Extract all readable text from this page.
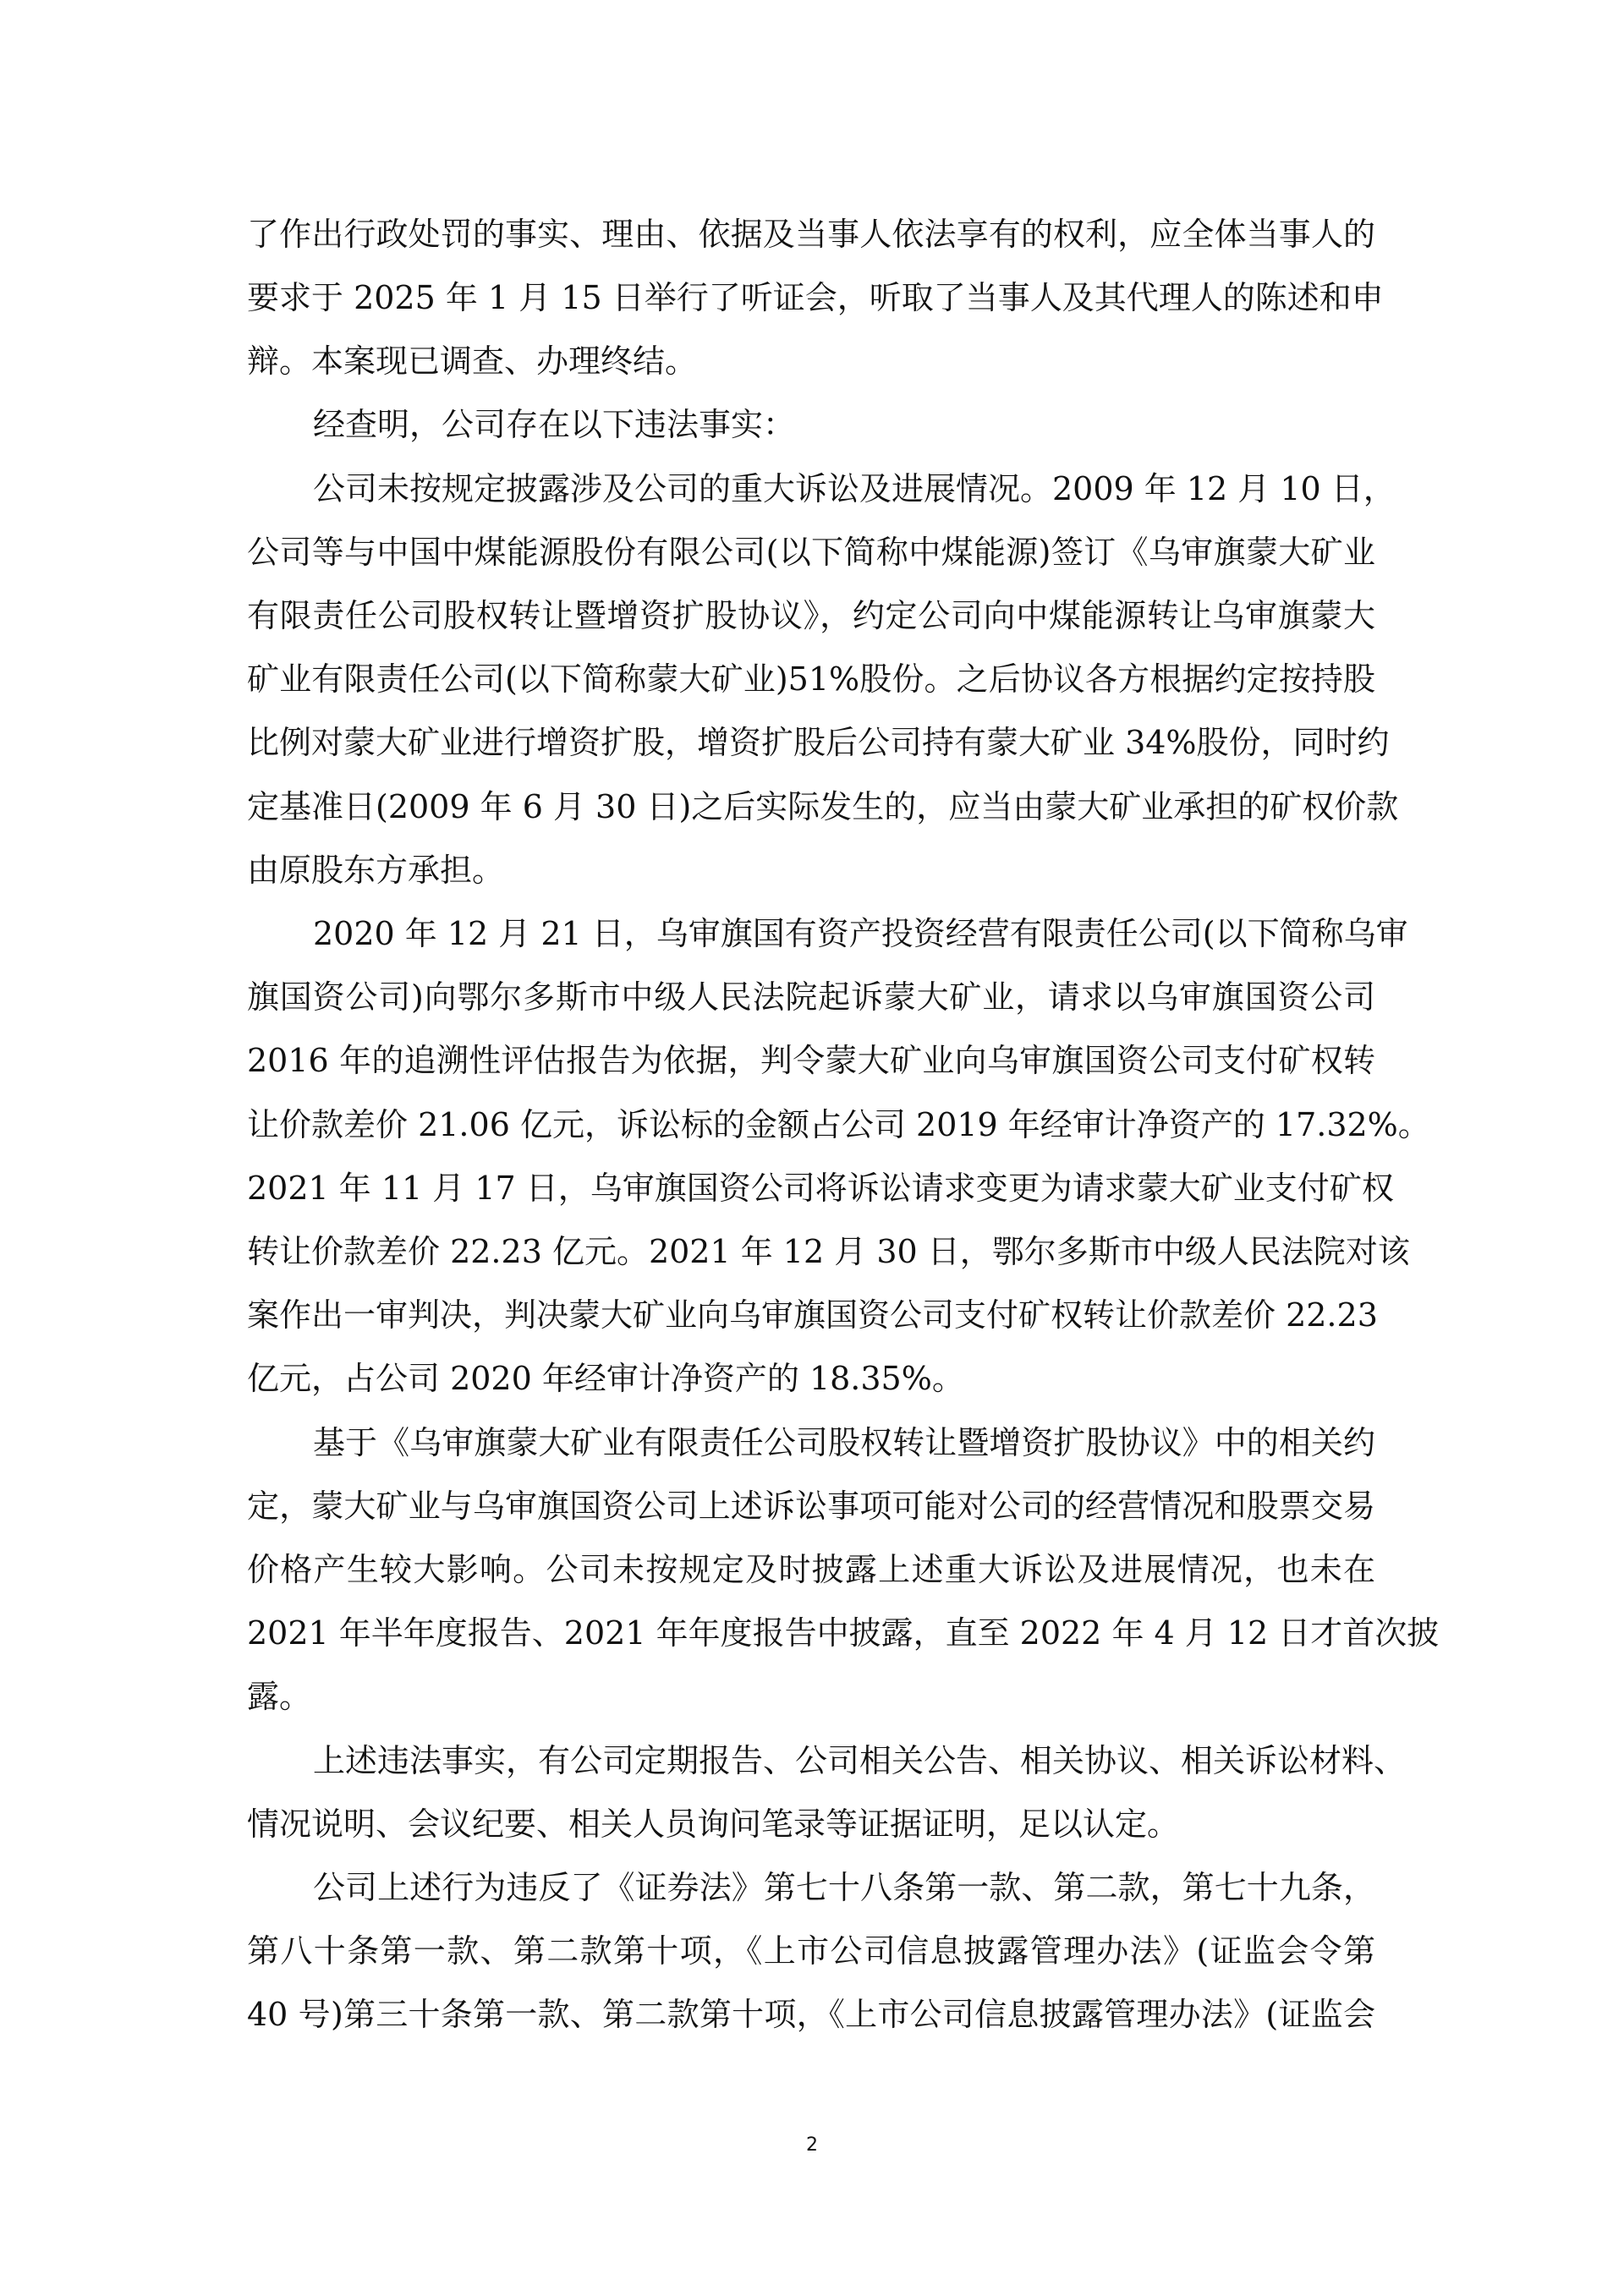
了作出行政处罚的事实、理由、依据及当事人依法享有的权利，应全体当事人的
要求于 2025 年 1 月 15 日举行了听证会，听取了当事人及其代理人的陈述和申
辩。本案现已调查、办理终结。
经查明，公司存在以下违法事实：
公司未按规定披露涉及公司的重大诉讼及进展情况。2009 年 12 月 10 日，
公司等与中国中煤能源股份有限公司(以下简称中煤能源)签订《乌审旗蒙大矿业
有限责任公司股权转让暨增资扩股协议》，约定公司向中煤能源转让乌审旗蒙大
矿业有限责任公司(以下简称蒙大矿业)51%股份。之后协议各方根据约定按持股
比例对蒙大矿业进行增资扩股，增资扩股后公司持有蒙大矿业 34%股份，同时约
定基准日(2009 年 6 月 30 日)之后实际发生的，应当由蒙大矿业承担的矿权价款
由原股东方承担。
2020 年 12 月 21 日，乌审旗国有资产投资经营有限责任公司(以下简称乌审
旗国资公司)向鄂尔多斯市中级人民法院起诉蒙大矿业，请求以乌审旗国资公司
2016 年的追溯性评估报告为依据，判令蒙大矿业向乌审旗国资公司支付矿权转
让价款差价 21.06 亿元，诉讼标的金额占公司 2019 年经审计净资产的 17.32%。
2021 年 11 月 17 日，乌审旗国资公司将诉讼请求变更为请求蒙大矿业支付矿权
转让价款差价 22.23 亿元。2021 年 12 月 30 日，鄂尔多斯市中级人民法院对该
案作出一审判决，判决蒙大矿业向乌审旗国资公司支付矿权转让价款差价 22.23
亿元，占公司 2020 年经审计净资产的 18.35%。
基于《乌审旗蒙大矿业有限责任公司股权转让暨增资扩股协议》中的相关约
定，蒙大矿业与乌审旗国资公司上述诉讼事项可能对公司的经营情况和股票交易
价格产生较大影响。公司未按规定及时披露上述重大诉讼及进展情况，也未在
2021 年半年度报告、2021 年年度报告中披露，直至 2022 年 4 月 12 日才首次披
露。
上述违法事实，有公司定期报告、公司相关公告、相关协议、相关诉讼材料、
情况说明、会议纪要、相关人员询问笔录等证据证明，足以认定。
公司上述行为违反了《证券法》第七十八条第一款、第二款，第七十九条，
第八十条第一款、第二款第十项，《上市公司信息披露管理办法》(证监会令第
40 号)第三十条第一款、第二款第十项，《上市公司信息披露管理办法》(证监会
2
